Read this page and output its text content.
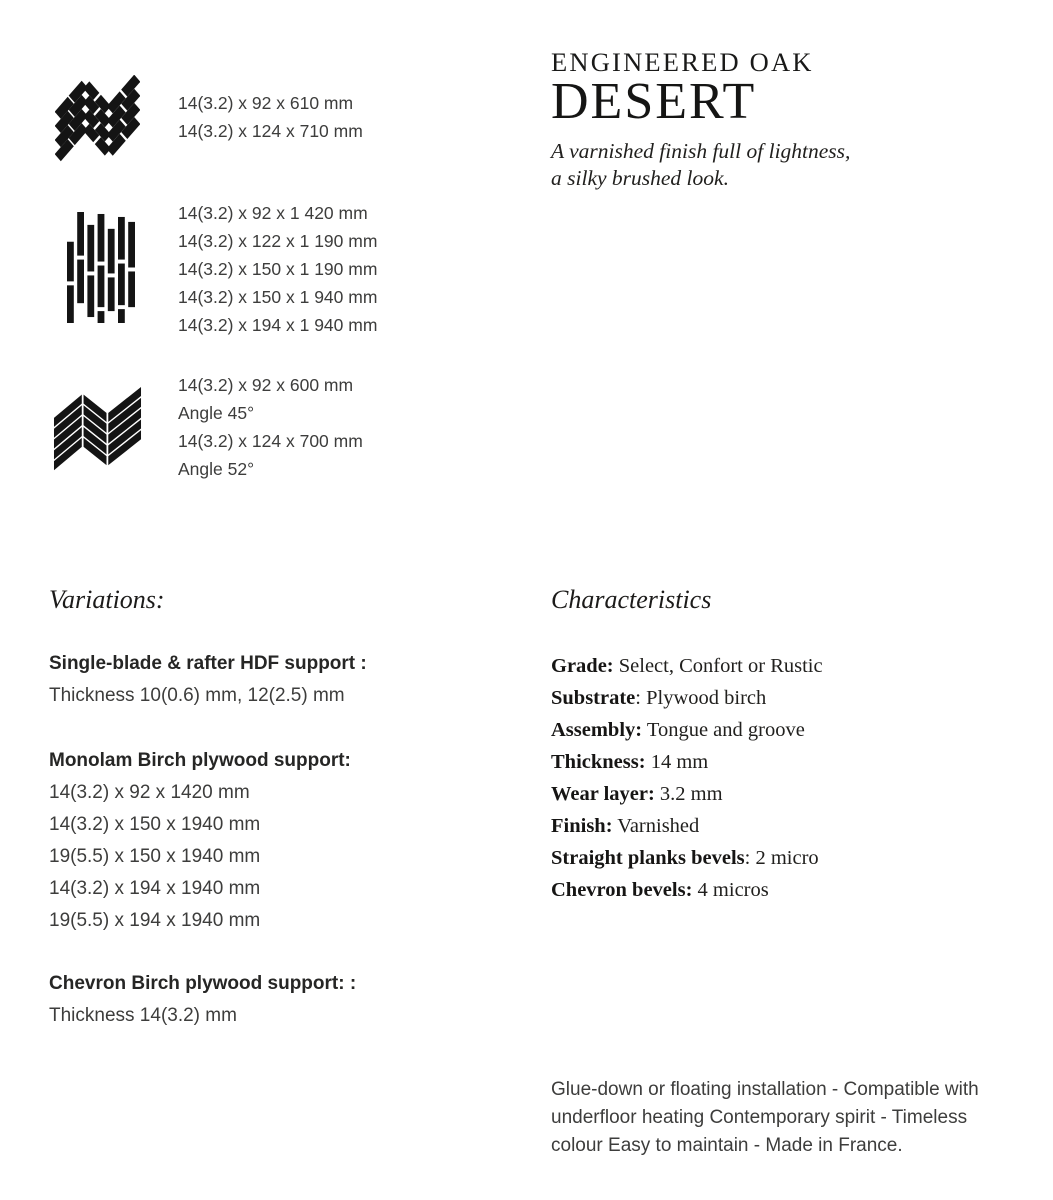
14(3.2) x 92 x 610 mm
14(3.2) x 124 x 710 mm
14(3.2) x 92 x 1 420 mm
14(3.2) x 122 x 1 190 mm
14(3.2) x 150 x 1 190 mm
14(3.2) x 150 x 1 940 mm
14(3.2) x 194 x 1 940 mm
14(3.2) x 92 x 600 mm
Angle 45°
14(3.2) x 124 x 700 mm
Angle 52°
ENGINEERED OAK
DESERT
A varnished finish full of lightness,
a silky brushed look.
Variations:
Single-blade & rafter HDF support :
Thickness 10(0.6) mm, 12(2.5) mm
Monolam Birch plywood support:
14(3.2) x 92 x 1420 mm
14(3.2) x 150 x 1940 mm
19(5.5) x 150 x 1940 mm
14(3.2) x 194 x 1940 mm
19(5.5) x 194 x 1940 mm
Chevron Birch plywood support: :
Thickness 14(3.2) mm
Characteristics
Grade: Select, Confort or Rustic
Substrate: Plywood birch
Assembly: Tongue and groove
Thickness: 14 mm
Wear layer: 3.2 mm
Finish: Varnished
Straight planks bevels: 2 micro
Chevron bevels: 4 micros
Glue-down or floating installation - Compatible with
underfloor heating Contemporary spirit - Timeless
colour Easy to maintain - Made in France.
